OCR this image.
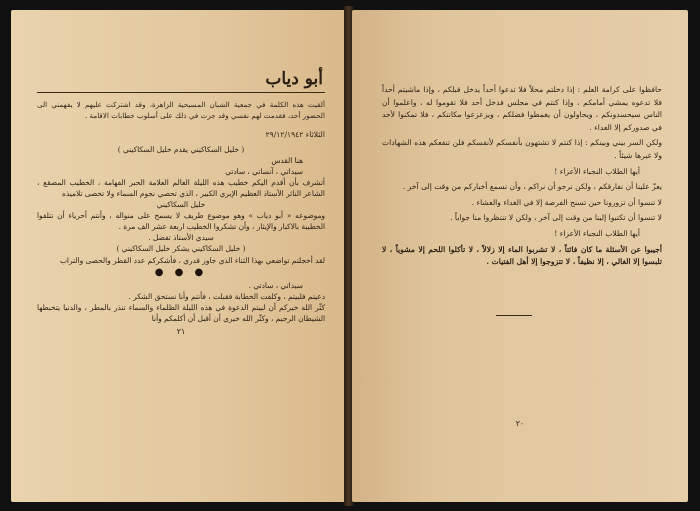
أبو دياب

ألقيت هذه الكلمة في جمعية الشبان المسيحية الزاهرة، وقد اشتركت عليهم لا يفهمني الى الحضور أحد، فقدمت لهم نفسي وقد جرت في ذلك على أسلوب خطابات الاقامة .

الثلاثاء ٢٩/١٢/١٩٤٢

( خليل السكاكيني يقدم خليل السكاكيني )

هنا القدس

سيداتي ، آنساتي ، سادتي

أتشرف بأن أقدم اليكم خطيب هذه الليلة العالم العلامة الحبر الفهامة ، الخطيب المصقع ، الشاعر الناثر الأستاذ العظيم الإبري الكبير ، الذي تحصي نجوم السماء ولا تحصى تلاميذه

خليل السكاكيني

وموضوعه « أبو دياب » وهو موضوع طريف لا يسمح على منواله ، وأنتم أحرياء أن تتلقوا الخطيبة بالاكبار والإيثار ، وأن تشكروا الخطيب اربعة عشر الف مرة .

سيدي الأستاذ تفضل .

( خليل السكاكيني يشكر خليل السكاكيني )

لقد أخجلتم تواضعي بهذا الثناء الذي جاوز قدري ، فأشكركم عدد القطر والحصى والتراب

● ● ●

سيداتي ، سادتي .

دعيتم فلبيتم ، وكلفت الخطابة فقبلت ، فأنتم وأنا نستحق الشكر .

كثّر الله خيركم أن لبيتم الدعوة في هذه الليلة الظلماء والسماء تنذر بالمطر ، والدنيا يتخبطها الشيطان الرجيم ، وكثّر الله خيري أن أقبل أن أكلمكم وأنا

٢١

حافظوا على كرامة العلم : إذا دخلتم محلاً فلا تدعوا أحداً يدخل قبلكم ، وإذا ماشيتم أحداً فلا تدعوه يمشي أمامكم ، وإذا كنتم في مجلس فدخل أحد فلا تقوموا له ، واعلموا أن الناس سيحسدونكم ، ويحاولون أن يغمطوا فضلكم ، ويزعزعوا مكانتكم ، فلا تمكنوا لأحد في صدوركم إلا العداء .

ولكن السر بيني وبينكم : إذا كنتم لا تشتهون بأنفسكم لأنفسكم فلن تنفعكم هذه الشهادات ولا غيرها شيئاً .

أيها الطلاب النجباء الأعزاء !

يعزّ علينا أن نفارقكم ، ولكن نرجو أن نراكم ، وأن نسمع أخباركم من وقت إلى آخر .

لا تنسوا أن تزورونا حين تسنح الفرصة إلا في الغداء والعشاء .

لا تنسوا أن تكتبوا إلينا من وقت إلى آخر ، ولكن لا تنتظروا منا جواباً .

أيها الطلاب النجباء الأعزاء !

أجيبوا عن الأسئلة ما كان فائتاً ، لا تشربوا الماء إلا زلالاً ، لا تأكلوا اللحم إلا مشوياً ، لا تلبسوا إلا الغالي ، إلا نظيفاً ، لا تتزوجوا إلا أهل الفتيات .

٢٠
